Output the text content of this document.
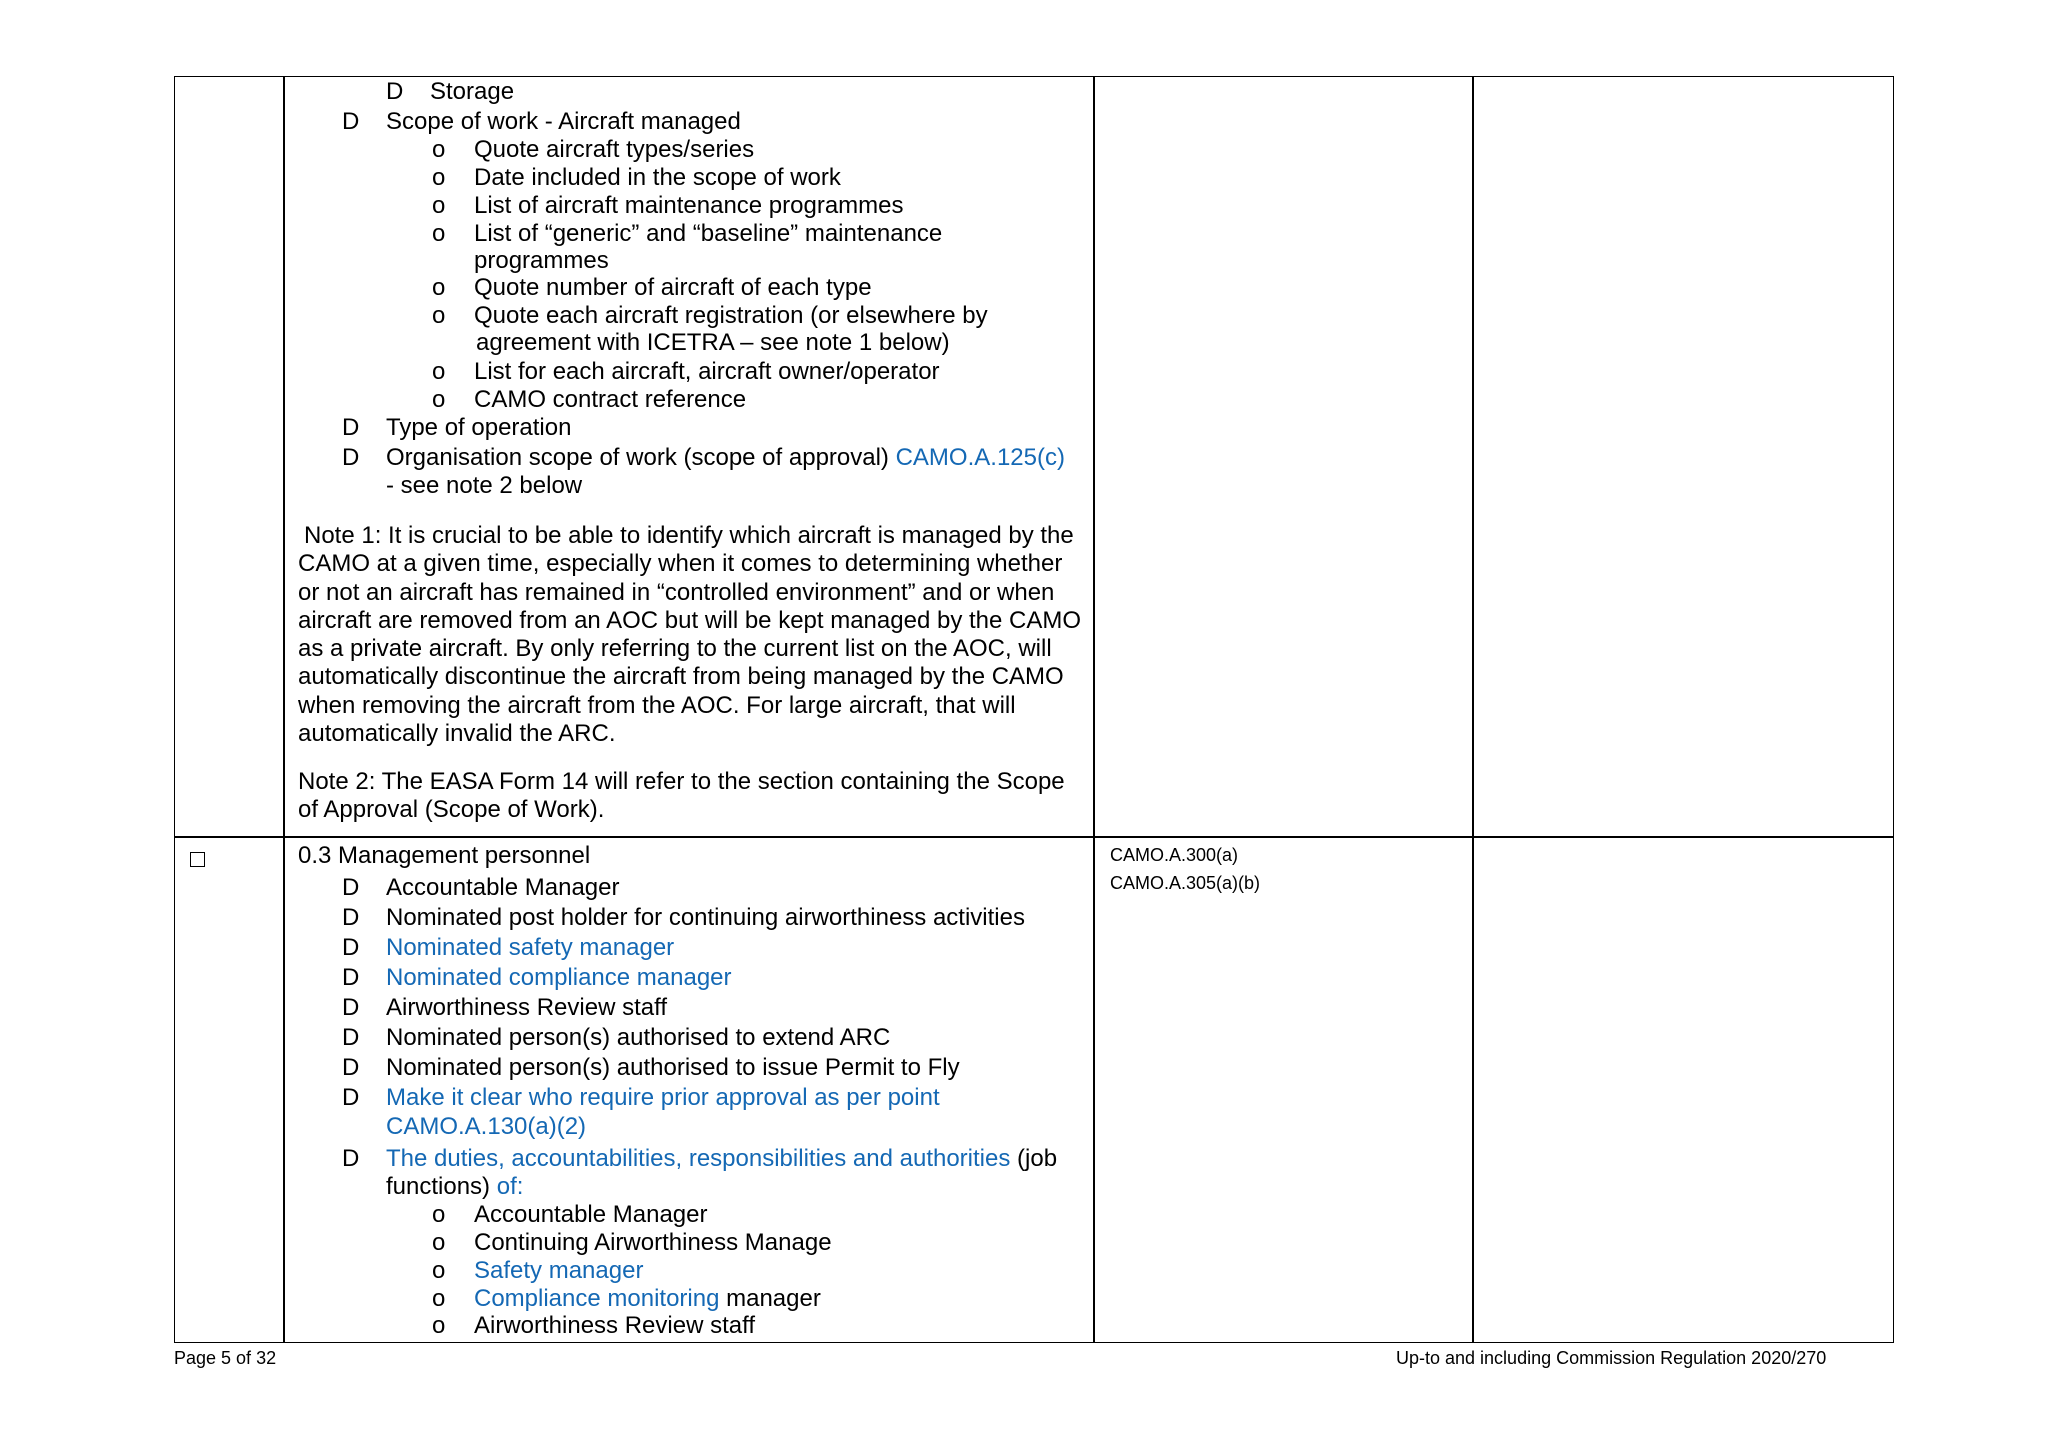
D Storage
D Scope of work - Aircraft managed
o Quote aircraft types/series
o Date included in the scope of work
o List of aircraft maintenance programmes
o List of “generic” and “baseline” maintenance
programmes
o Quote number of aircraft of each type
o Quote each aircraft registration (or elsewhere by
agreement with ICETRA – see note 1 below)
o List for each aircraft, aircraft owner/operator
o CAMO contract reference
D Type of operation
D Organisation scope of work (scope of approval) CAMO.A.125(c)
- see note 2 below

Note 1: It is crucial to be able to identify which aircraft is managed by the CAMO at a given time, especially when it comes to determining whether or not an aircraft has remained in “controlled environment” and or when aircraft are removed from an AOC but will be kept managed by the CAMO as a private aircraft. By only referring to the current list on the AOC, will automatically discontinue the aircraft from being managed by the CAMO when removing the aircraft from the AOC. For large aircraft, that will automatically invalid the ARC.

Note 2: The EASA Form 14 will refer to the section containing the Scope of Approval (Scope of Work).

0.3 Management personnel	CAMO.A.300(a)
CAMO.A.305(a)(b)
D Accountable Manager
D Nominated post holder for continuing airworthiness activities
D Nominated safety manager
D Nominated compliance manager
D Airworthiness Review staff
D Nominated person(s) authorised to extend ARC
D Nominated person(s) authorised to issue Permit to Fly
D Make it clear who require prior approval as per point
CAMO.A.130(a)(2)
D The duties, accountabilities, responsibilities and authorities (job
functions) of:
o Accountable Manager
o Continuing Airworthiness Manage
o Safety manager
o Compliance monitoring manager
o Airworthiness Review staff
Page 5 of 32	Up-to and including Commission Regulation 2020/270
